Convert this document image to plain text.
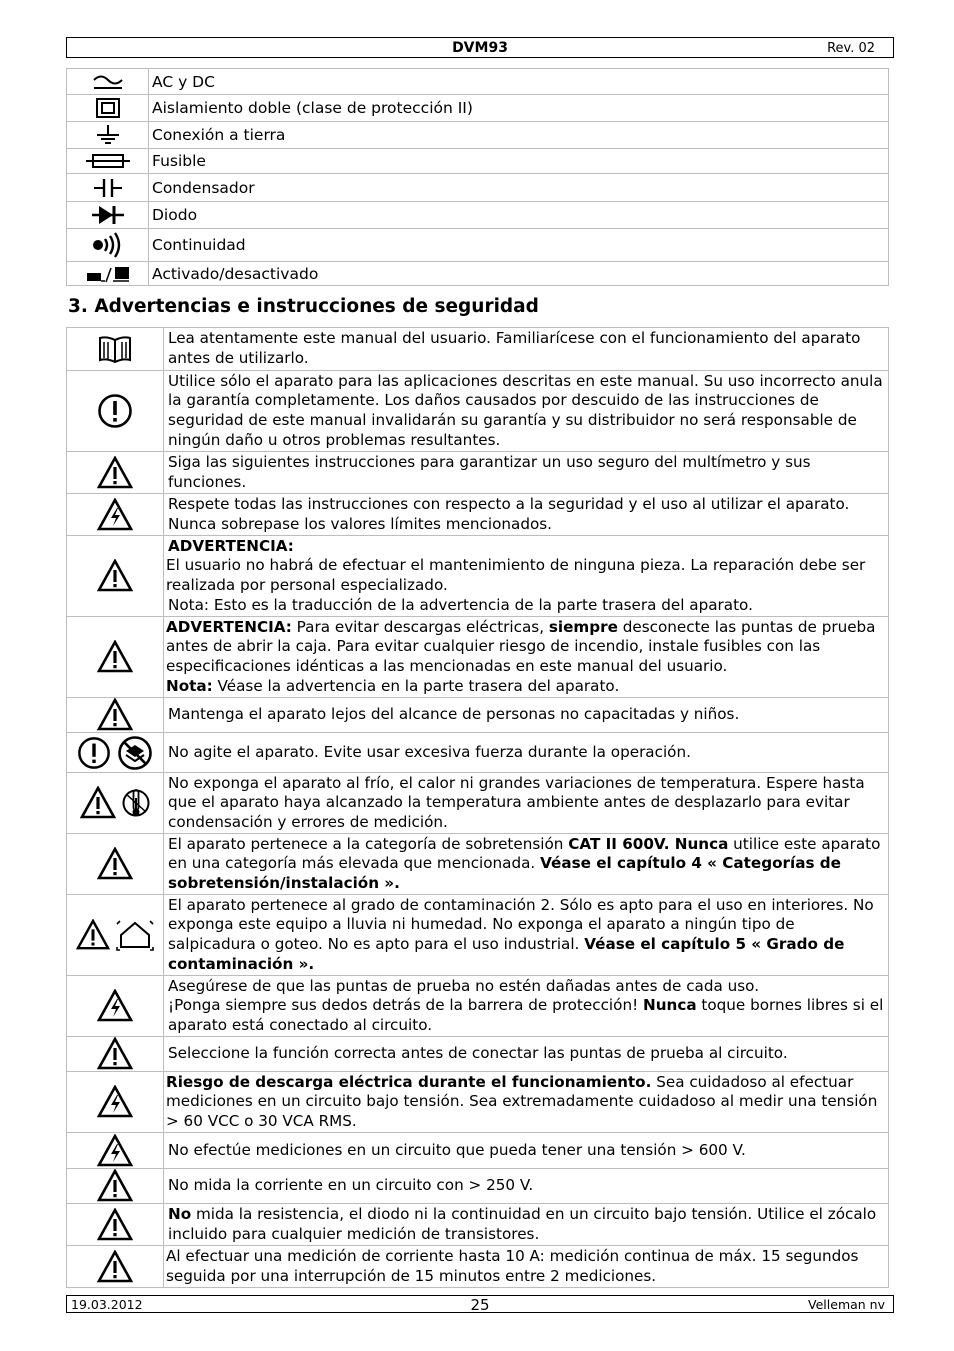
DVM93	Rev. 02
	AC y DC

	Aislamiento doble (clase de protección II)

	Conexión a tierra

	Fusible

	Condensador

	Diodo

	Continuidad

	Activado/desactivado
3. Advertencias e instrucciones de seguridad
	Lea atentamente este manual del usuario. Familiarícese con el funcionamiento del aparato antes de utilizarlo.
	Utilice sólo el aparato para las aplicaciones descritas en este manual. Su uso incorrecto anula la garantía completamente. Los daños causados por descuido de las instrucciones de seguridad de este manual invalidarán su garantía y su distribuidor no será responsable de ningún daño u otros problemas resultantes.
	Siga las siguientes instrucciones para garantizar un uso seguro del multímetro y sus funciones.
	Respete todas las instrucciones con respecto a la seguridad y el uso al utilizar el aparato. Nunca sobrepase los valores límites mencionados.

ADVERTENCIA:
El usuario no habrá de efectuar el mantenimiento de ninguna pieza. La reparación debe ser realizada por personal especializado.
Nota: Esto es la traducción de la advertencia de la parte trasera del aparato.

ADVERTENCIA: Para evitar descargas eléctricas, siempre desconecte las puntas de prueba antes de abrir la caja. Para evitar cualquier riesgo de incendio, instale fusibles con las especificaciones idénticas a las mencionadas en este manual del usuario.
Nota: Véase la advertencia en la parte trasera del aparato.

	Mantenga el aparato lejos del alcance de personas no capacitadas y niños.
	No agite el aparato. Evite usar excesiva fuerza durante la operación.
	No exponga el aparato al frío, el calor ni grandes variaciones de temperatura. Espere hasta que el aparato haya alcanzado la temperatura ambiente antes de desplazarlo para evitar condensación y errores de medición.
	El aparato pertenece a la categoría de sobretensión CAT II 600V. Nunca utilice este aparato en una categoría más elevada que mencionada. Véase el capítulo 4 « Categorías de sobretensión/instalación ».
	El aparato pertenece al grado de contaminación 2. Sólo es apto para el uso en interiores. No exponga este equipo a lluvia ni humedad. No exponga el aparato a ningún tipo de salpicadura o goteo. No es apto para el uso industrial. Véase el capítulo 5 « Grado de contaminación ».

Asegúrese de que las puntas de prueba no estén dañadas antes de cada uso.
¡Ponga siempre sus dedos detrás de la barrera de protección! Nunca toque bornes libres si el aparato está conectado al circuito.

	Seleccione la función correcta antes de conectar las puntas de prueba al circuito.
	Riesgo de descarga eléctrica durante el funcionamiento. Sea cuidadoso al efectuar mediciones en un circuito bajo tensión. Sea extremadamente cuidadoso al medir una tensión > 60 VCC o 30 VCA RMS.
	No efectúe mediciones en un circuito que pueda tener una tensión > 600 V.
	No mida la corriente en un circuito con > 250 V.
	No mida la resistencia, el diodo ni la continuidad en un circuito bajo tensión. Utilice el zócalo incluido para cualquier medición de transistores.
	Al efectuar una medición de corriente hasta 10 A: medición continua de máx. 15 segundos seguida por una interrupción de 15 minutos entre 2 mediciones.
19.03.2012	25	Velleman nv
